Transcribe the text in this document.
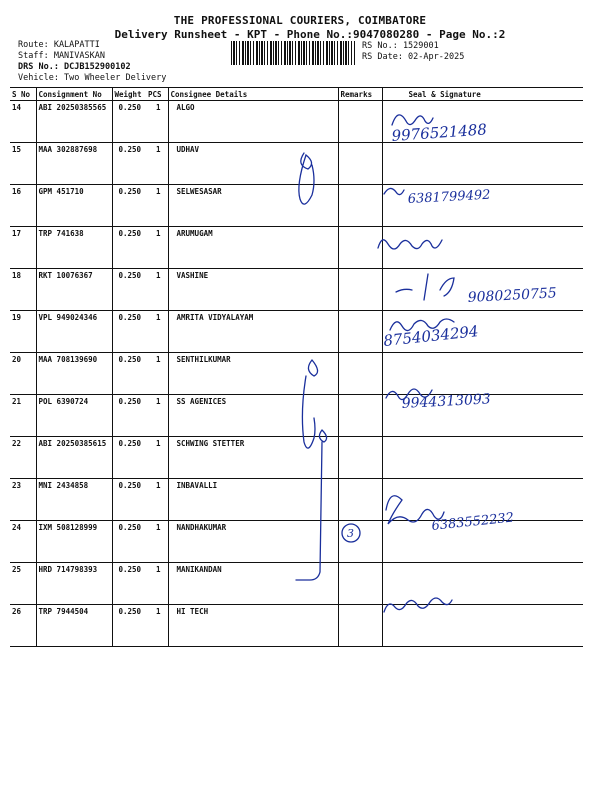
THE PROFESSIONAL COURIERS, COIMBATORE
Delivery Runsheet - KPT - Phone No.:9047080280 - Page No.:2
Route: KALAPATTI
Staff: MANIVASKAN
DRS No.: DCJB152900102
Vehicle: Two Wheeler Delivery
RS No.: 1529001
RS Date: 02-Apr-2025
S No	Consignment No	Weight	PCS	Consignee Details	Remarks	Seal & Signature
14	ABI 20250385565	0.250	1	ALGO		
15	MAA 302887698	0.250	1	UDHAV		
16	GPM 451710	0.250	1	SELWESASAR		
17	TRP 741638	0.250	1	ARUMUGAM		
18	RKT 10076367	0.250	1	VASHINE		
19	VPL 949024346	0.250	1	AMRITA VIDYALAYAM		
20	MAA 708139690	0.250	1	SENTHILKUMAR		
21	POL 6390724	0.250	1	SS AGENICES		
22	ABI 20250385615	0.250	1	SCHWING STETTER		
23	MNI 2434858	0.250	1	INBAVALLI		
24	IXM 508128999	0.250	1	NANDHAKUMAR		
25	HRD 714798393	0.250	1	MANIKANDAN		
26	TRP 7944504	0.250	1	HI TECH		
9976521488
6381799492
9080250755
8754034294
9944313093
6383552232
3
